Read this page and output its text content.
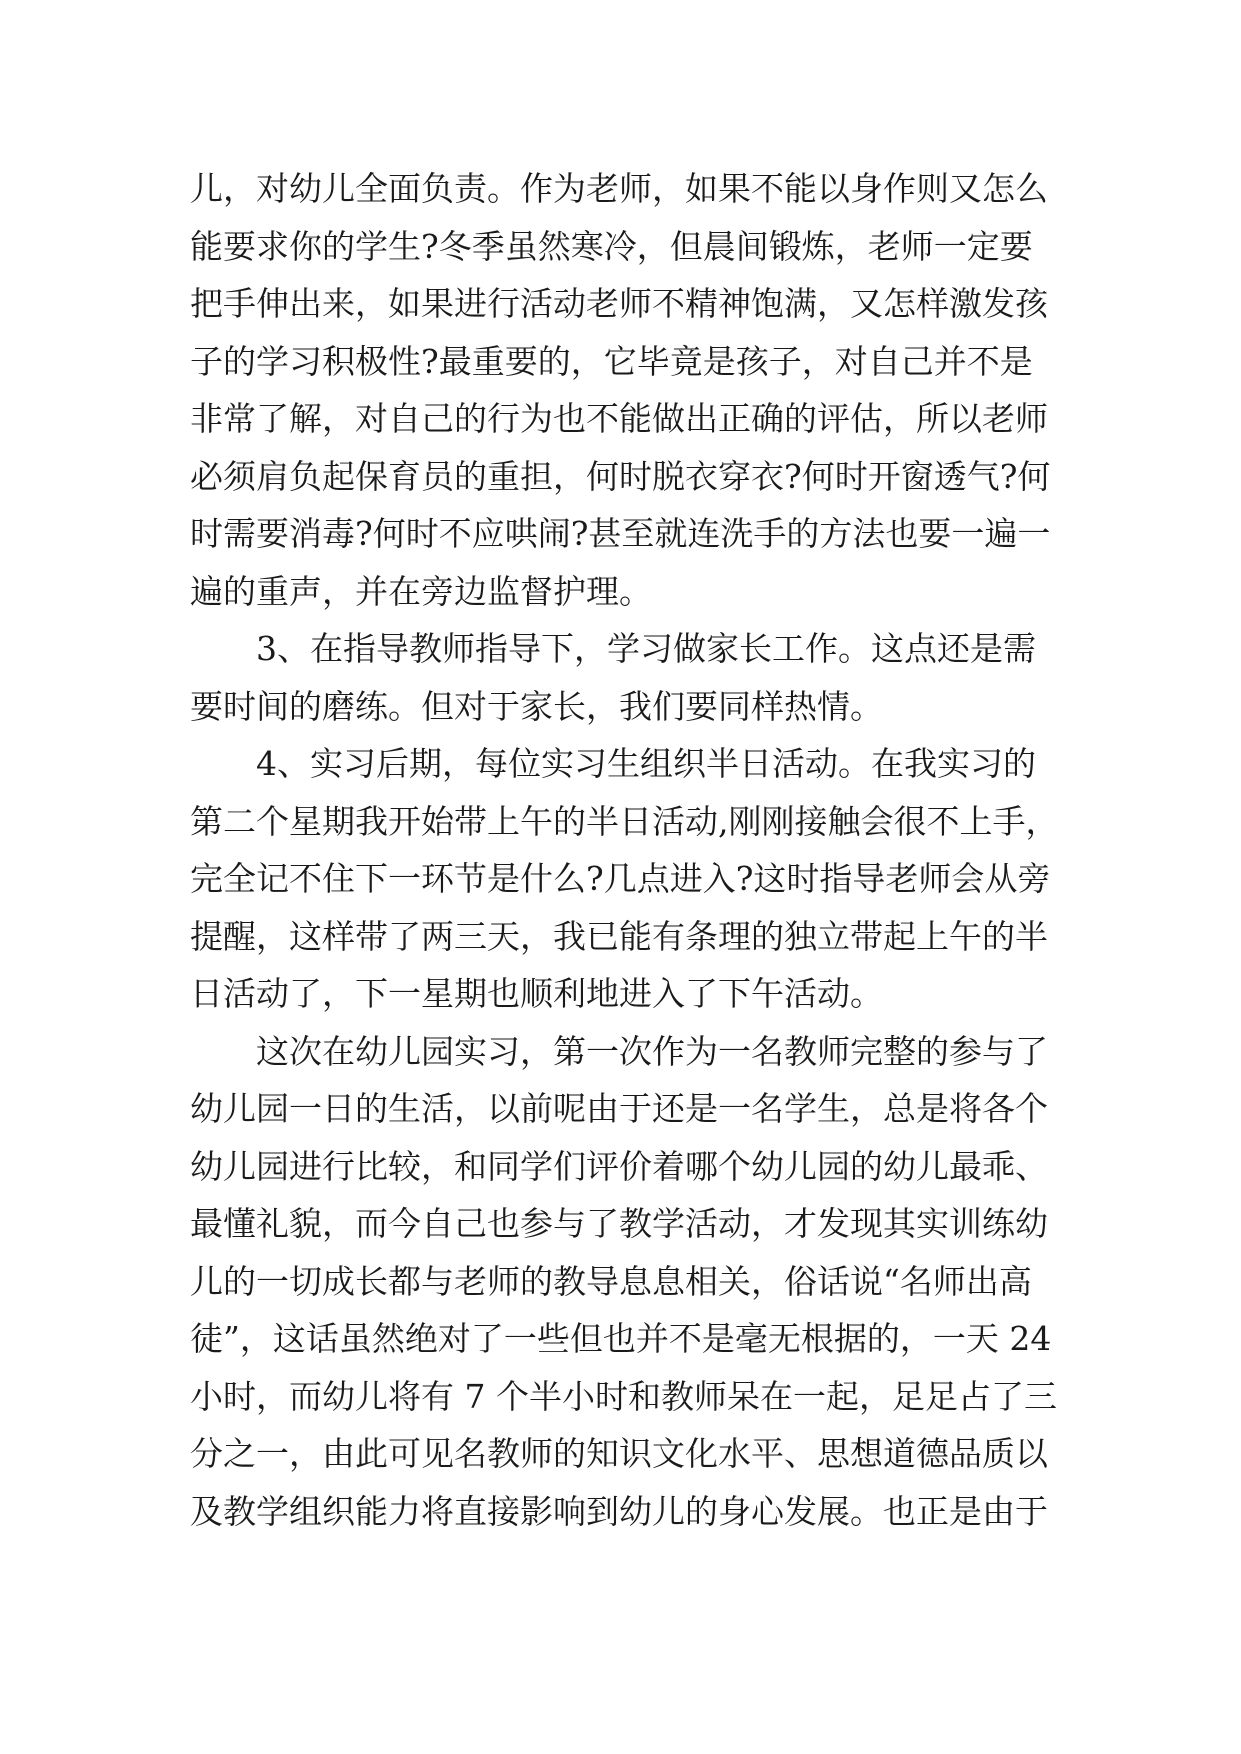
儿，对幼儿全面负责。作为老师，如果不能以身作则又怎么
能要求你的学生?冬季虽然寒冷，但晨间锻炼，老师一定要
把手伸出来，如果进行活动老师不精神饱满，又怎样激发孩
子的学习积极性?最重要的，它毕竟是孩子，对自己并不是
非常了解，对自己的行为也不能做出正确的评估，所以老师
必须肩负起保育员的重担，何时脱衣穿衣?何时开窗透气?何
时需要消毒?何时不应哄闹?甚至就连洗手的方法也要一遍一
遍的重声，并在旁边监督护理。
3、在指导教师指导下，学习做家长工作。这点还是需
要时间的磨练。但对于家长，我们要同样热情。
4、实习后期，每位实习生组织半日活动。在我实习的
第二个星期我开始带上午的半日活动,刚刚接触会很不上手，
完全记不住下一环节是什么?几点进入?这时指导老师会从旁
提醒，这样带了两三天，我已能有条理的独立带起上午的半
日活动了，下一星期也顺利地进入了下午活动。
这次在幼儿园实习，第一次作为一名教师完整的参与了
幼儿园一日的生活，以前呢由于还是一名学生，总是将各个
幼儿园进行比较，和同学们评价着哪个幼儿园的幼儿最乖、
最懂礼貌，而今自己也参与了教学活动，才发现其实训练幼
儿的一切成长都与老师的教导息息相关，俗话说“名师出高
徒”，这话虽然绝对了一些但也并不是毫无根据的，一天 24
小时，而幼儿将有 7 个半小时和教师呆在一起，足足占了三
分之一，由此可见名教师的知识文化水平、思想道德品质以
及教学组织能力将直接影响到幼儿的身心发展。也正是由于
